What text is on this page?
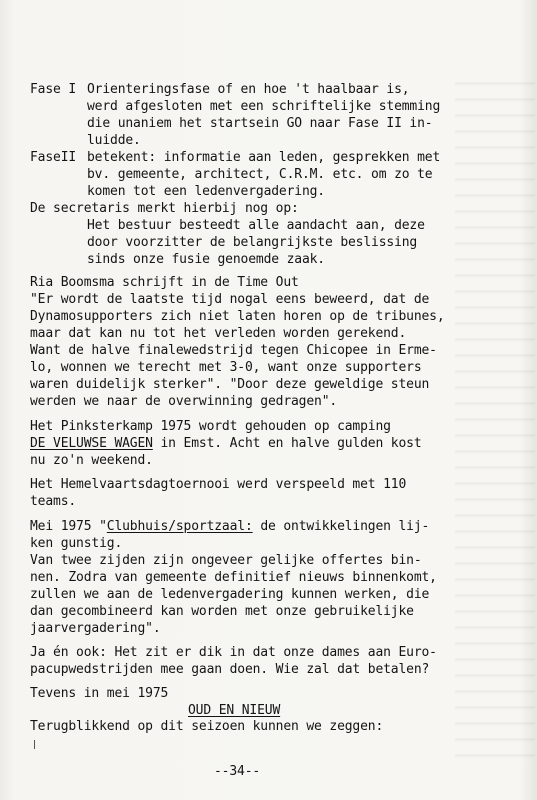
Fase I Orienteringsfase of en hoe 't haalbaar is,
werd afgesloten met een schriftelijke stemming
die unaniem het startsein GO naar Fase II in-
luidde.
FaseII betekent: informatie aan leden, gesprekken met
bv. gemeente, architect, C.R.M. etc. om zo te
komen tot een ledenvergadering.
De secretaris merkt hierbij nog op:
Het bestuur besteedt alle aandacht aan, deze
door voorzitter de belangrijkste beslissing
sinds onze fusie genoemde zaak.
Ria Boomsma schrijft in de Time Out
"Er wordt de laatste tijd nogal eens beweerd, dat de
Dynamosupporters zich niet laten horen op de tribunes,
maar dat kan nu tot het verleden worden gerekend.
Want de halve finalewedstrijd tegen Chicopee in Erme-
lo, wonnen we terecht met 3-0, want onze supporters
waren duidelijk sterker". "Door deze geweldige steun
werden we naar de overwinning gedragen".
Het Pinksterkamp 1975 wordt gehouden op camping
DE VELUWSE WAGEN in Emst. Acht en halve gulden kost
nu zo'n weekend.
Het Hemelvaartsdagtoernooi werd verspeeld met 110
teams.
Mei 1975 "Clubhuis/sportzaal: de ontwikkelingen lij-
ken gunstig.
Van twee zijden zijn ongeveer gelijke offertes bin-
nen. Zodra van gemeente definitief nieuws binnenkomt,
zullen we aan de ledenvergadering kunnen werken, die
dan gecombineerd kan worden met onze gebruikelijke
jaarvergadering".
Ja én ook: Het zit er dik in dat onze dames aan Euro-
pacupwedstrijden mee gaan doen. Wie zal dat betalen?
Tevens in mei 1975
OUD EN NIEUW
Terugblikkend op dit seizoen kunnen we zeggen:
--34--
